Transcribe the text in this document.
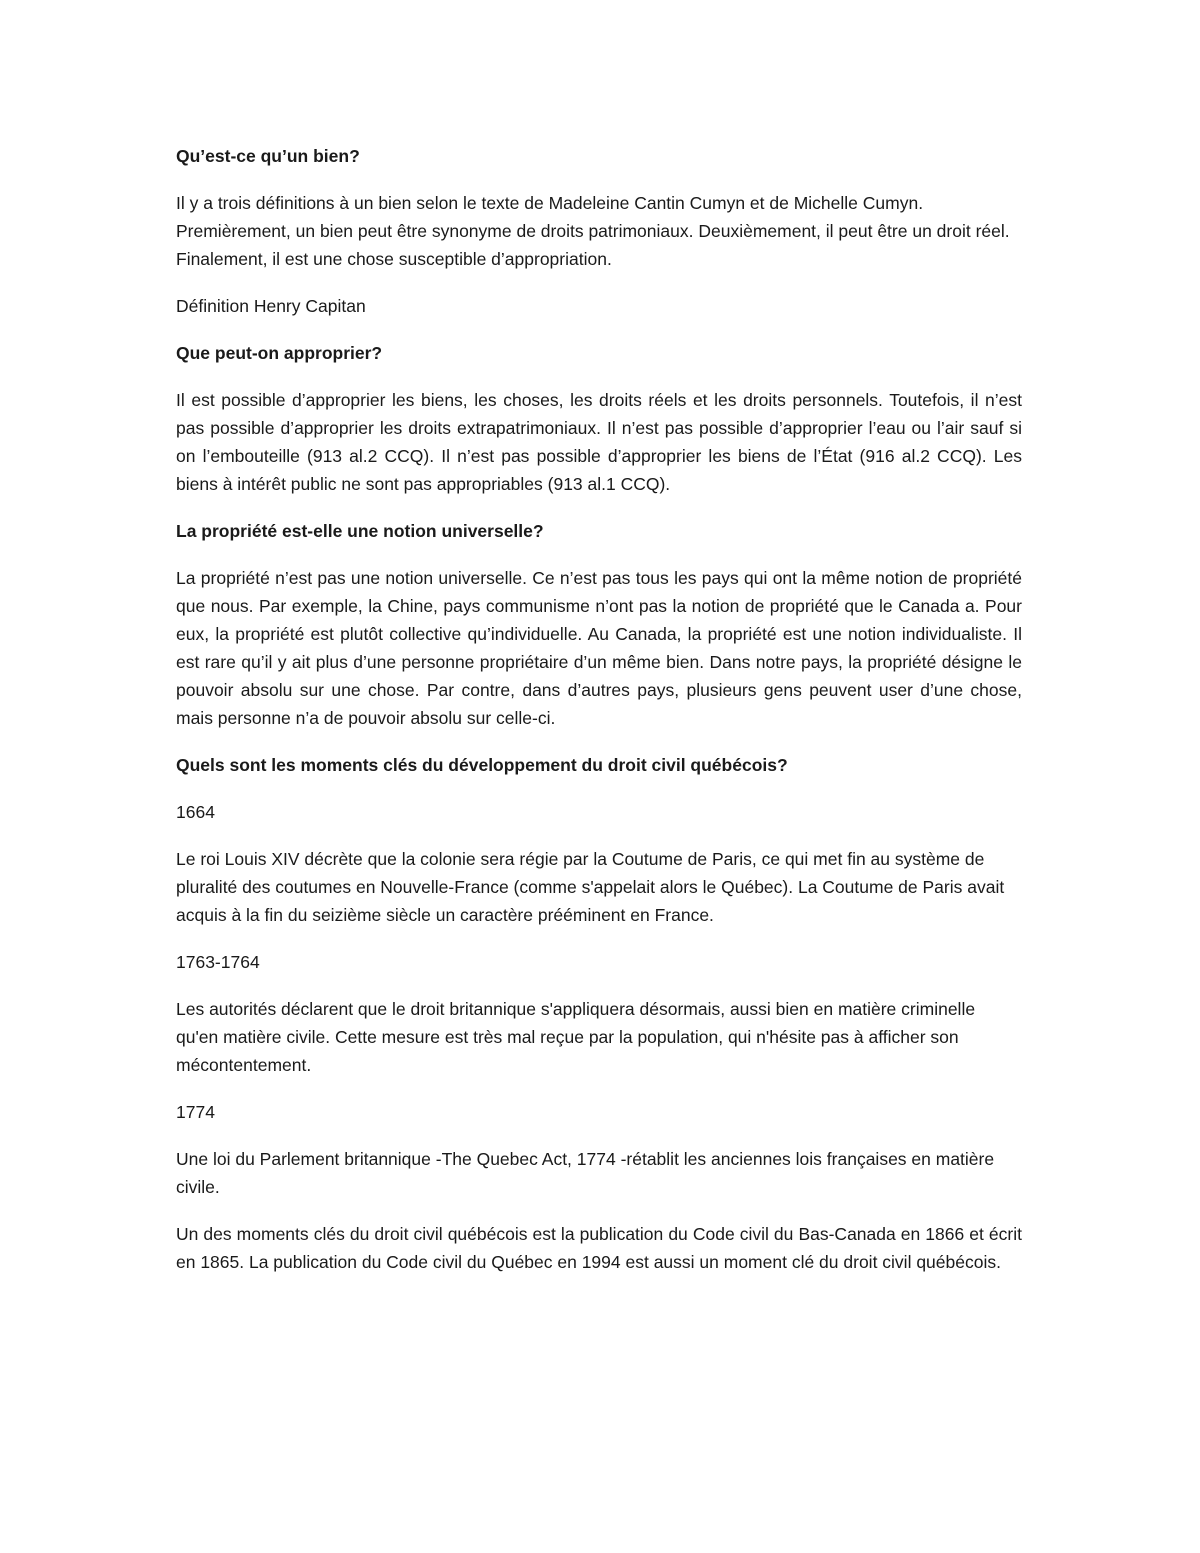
Qu’est-ce qu’un bien?

Il y a trois définitions à un bien selon le texte de Madeleine Cantin Cumyn et de Michelle Cumyn. Premièrement, un bien peut être synonyme de droits patrimoniaux. Deuxièmement, il peut être un droit réel. Finalement, il est une chose susceptible d’appropriation.

Définition Henry Capitan

Que peut-on approprier?

Il est possible d’approprier les biens, les choses, les droits réels et les droits personnels. Toutefois, il n’est pas possible d’approprier les droits extrapatrimoniaux. Il n’est pas possible d’approprier l’eau ou l’air sauf si on l’embouteille (913 al.2 CCQ). Il n’est pas possible d’approprier les biens de l’État (916 al.2 CCQ). Les biens à intérêt public ne sont pas appropriables (913 al.1 CCQ).

La propriété est-elle une notion universelle?

La propriété n’est pas une notion universelle. Ce n’est pas tous les pays qui ont la même notion de propriété que nous. Par exemple, la Chine, pays communisme n’ont pas la notion de propriété que le Canada a. Pour eux, la propriété est plutôt collective qu’individuelle. Au Canada, la propriété est une notion individualiste. Il est rare qu’il y ait plus d’une personne propriétaire d’un même bien. Dans notre pays, la propriété désigne le pouvoir absolu sur une chose. Par contre, dans d’autres pays, plusieurs gens peuvent user d’une chose, mais personne n’a de pouvoir absolu sur celle-ci.

Quels sont les moments clés du développement du droit civil québécois?
1664

Le roi Louis XIV décrète que la colonie sera régie par la Coutume de Paris, ce qui met fin au système de pluralité des coutumes en Nouvelle-France (comme s'appelait alors le Québec). La Coutume de Paris avait acquis à la fin du seizième siècle un caractère prééminent en France.

1763-1764

Les autorités déclarent que le droit britannique s'appliquera désormais, aussi bien en matière criminelle qu'en matière civile. Cette mesure est très mal reçue par la population, qui n'hésite pas à afficher son mécontentement.

1774

Une loi du Parlement britannique -The Quebec Act, 1774 -rétablit les anciennes lois françaises en matière civile.

Un des moments clés du droit civil québécois est la publication du Code civil du Bas-Canada en 1866 et écrit en 1865. La publication du Code civil du Québec en 1994 est aussi un moment clé du droit civil québécois.
